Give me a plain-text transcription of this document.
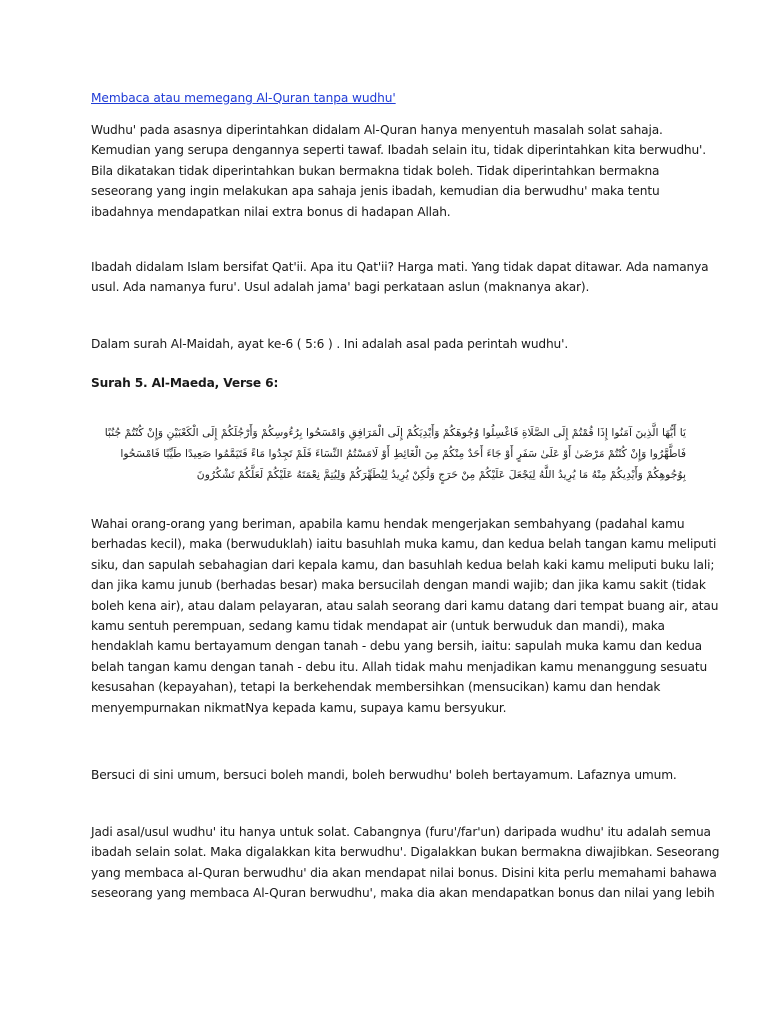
Membaca atau memegang Al-Quran tanpa wudhu'

Wudhu' pada asasnya diperintahkan didalam Al-Quran hanya menyentuh masalah solat sahaja.
Kemudian yang serupa dengannya seperti tawaf. Ibadah selain itu, tidak diperintahkan kita berwudhu'.
Bila dikatakan tidak diperintahkan bukan bermakna tidak boleh. Tidak diperintahkan bermakna
seseorang yang ingin melakukan apa sahaja jenis ibadah, kemudian dia berwudhu' maka tentu
ibadahnya mendapatkan nilai extra bonus di hadapan Allah.

Ibadah didalam Islam bersifat Qat'ii. Apa itu Qat'ii? Harga mati. Yang tidak dapat ditawar. Ada namanya
usul. Ada namanya furu'. Usul adalah jama' bagi perkataan aslun (maknanya akar).

Dalam surah Al-Maidah, ayat ke-6 ( 5:6 ) . Ini adalah asal pada perintah wudhu'.

Surah 5. Al-Maeda, Verse 6:

يَا أَيُّهَا الَّذِينَ آمَنُوا إِذَا قُمْتُمْ إِلَى الصَّلَاةِ فَاغْسِلُوا وُجُوهَكُمْ وَأَيْدِيَكُمْ إِلَى الْمَرَافِقِ وَامْسَحُوا بِرُءُوسِكُمْ وَأَرْجُلَكُمْ إِلَى الْكَعْبَيْنِ وَإِنْ كُنْتُمْ جُنُبًا
فَاطَّهَّرُوا وَإِنْ كُنْتُمْ مَرْضَىٰ أَوْ عَلَىٰ سَفَرٍ أَوْ جَاءَ أَحَدٌ مِنْكُمْ مِنَ الْغَائِطِ أَوْ لَامَسْتُمُ النِّسَاءَ فَلَمْ تَجِدُوا مَاءً فَتَيَمَّمُوا صَعِيدًا طَيِّبًا فَامْسَحُوا
بِوُجُوهِكُمْ وَأَيْدِيكُمْ مِنْهُ مَا يُرِيدُ اللَّهُ لِيَجْعَلَ عَلَيْكُمْ مِنْ حَرَجٍ وَلَٰكِنْ يُرِيدُ لِيُطَهِّرَكُمْ وَلِيُتِمَّ نِعْمَتَهُ عَلَيْكُمْ لَعَلَّكُمْ تَشْكُرُونَ

Wahai orang-orang yang beriman, apabila kamu hendak mengerjakan sembahyang (padahal kamu
berhadas kecil), maka (berwuduklah) iaitu basuhlah muka kamu, dan kedua belah tangan kamu meliputi
siku, dan sapulah sebahagian dari kepala kamu, dan basuhlah kedua belah kaki kamu meliputi buku lali;
dan jika kamu junub (berhadas besar) maka bersucilah dengan mandi wajib; dan jika kamu sakit (tidak
boleh kena air), atau dalam pelayaran, atau salah seorang dari kamu datang dari tempat buang air, atau
kamu sentuh perempuan, sedang kamu tidak mendapat air (untuk berwuduk dan mandi), maka
hendaklah kamu bertayamum dengan tanah - debu yang bersih, iaitu: sapulah muka kamu dan kedua
belah tangan kamu dengan tanah - debu itu. Allah tidak mahu menjadikan kamu menanggung sesuatu
kesusahan (kepayahan), tetapi Ia berkehendak membersihkan (mensucikan) kamu dan hendak
menyempurnakan nikmatNya kepada kamu, supaya kamu bersyukur.

Bersuci di sini umum, bersuci boleh mandi, boleh berwudhu' boleh bertayamum. Lafaznya umum.

Jadi asal/usul wudhu' itu hanya untuk solat. Cabangnya (furu'/far'un) daripada wudhu' itu adalah semua
ibadah selain solat. Maka digalakkan kita berwudhu'. Digalakkan bukan bermakna diwajibkan. Seseorang
yang membaca al-Quran berwudhu' dia akan mendapat nilai bonus. Disini kita perlu memahami bahawa
seseorang yang membaca Al-Quran berwudhu', maka dia akan mendapatkan bonus dan nilai yang lebih
